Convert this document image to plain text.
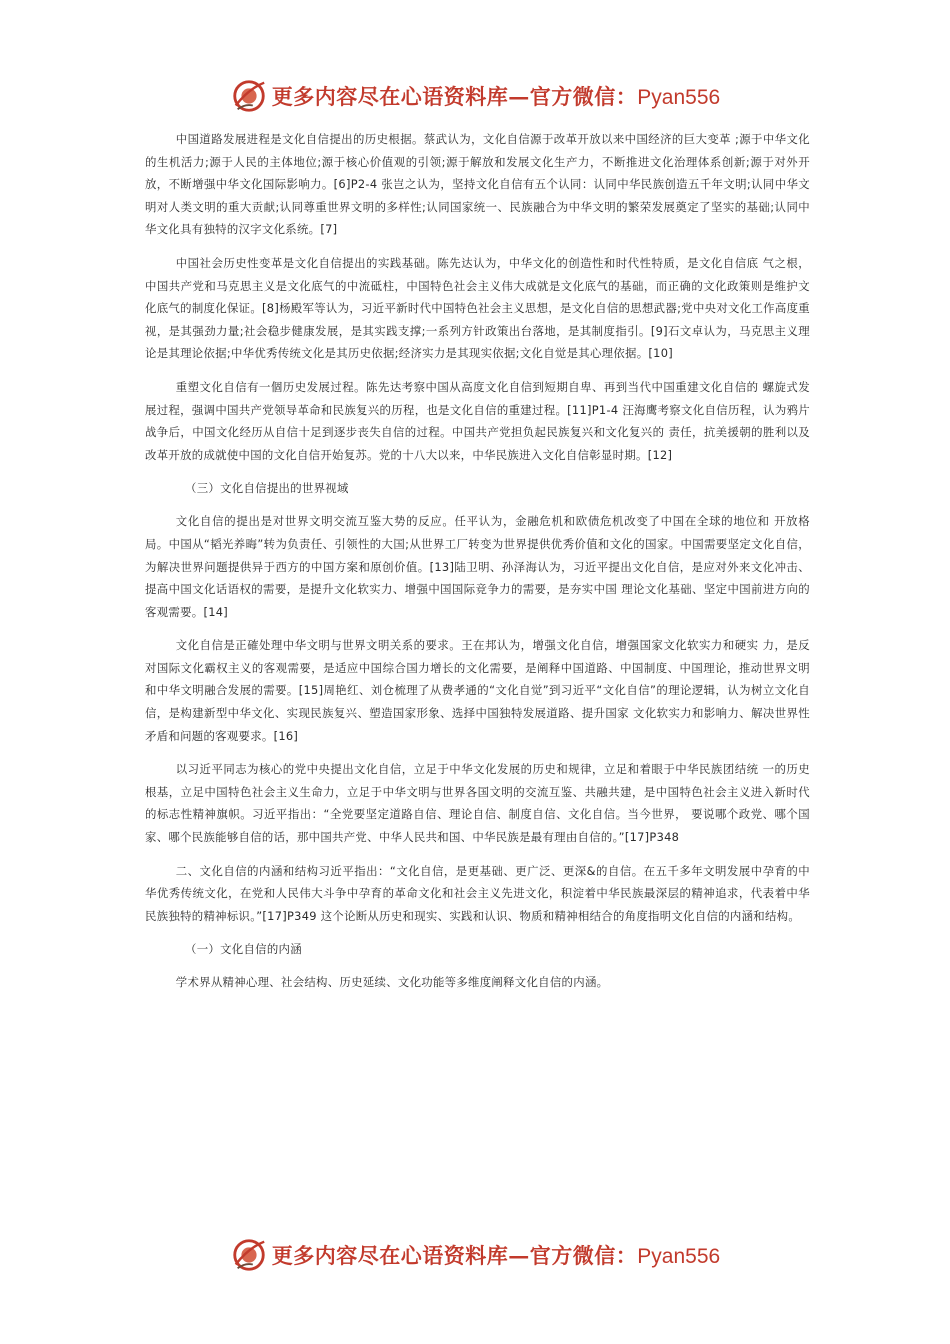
更多内容尽在心语资料库—官方微信：Pyan556

中国道路发展进程是文化自信提出的历史根据。蔡武认为，文化自信源于改革开放以来中国经济的巨大变革 ;源于中华文化的生机活力;源于人民的主体地位;源于核心价值观的引领;源于解放和发展文化生产力，不断推进文化治理体系创新;源于对外开放，不断增强中华文化国际影响力。[6]P2-4 张岂之认为，坚持文化自信有五个认同：认同中华民族创造五千年文明;认同中华文明对人类文明的重大贡献;认同尊重世界文明的多样性;认同国家统一、民族融合为中华文明的繁荣发展奠定了坚实的基础;认同中华文化具有独特的汉字文化系统。[7]

中国社会历史性变革是文化自信提出的实践基础。陈先达认为，中华文化的创造性和时代性特质，是文化自信底 气之根，中国共产党和马克思主义是文化底气的中流砥柱，中国特色社会主义伟大成就是文化底气的基础，而正确的文化政策则是维护文化底气的制度化保证。[8]杨殿军等认为，习近平新时代中国特色社会主义思想，是文化自信的思想武器;党中央对文化工作高度重视，是其强劲力量;社会稳步健康发展，是其实践支撑;一系列方针政策出台落地，是其制度指引。[9]石文卓认为，马克思主义理论是其理论依据;中华优秀传统文化是其历史依据;经济实力是其现实依据;文化自觉是其心理依据。[10]

重塑文化自信有一個历史发展过程。陈先达考察中国从高度文化自信到短期自卑、再到当代中国重建文化自信的 螺旋式发展过程，强调中国共产党领导革命和民族复兴的历程，也是文化自信的重建过程。[11]P1-4 汪海鹰考察文化自信历程，认为鸦片战争后，中国文化经历从自信十足到逐步丧失自信的过程。中国共产党担负起民族复兴和文化复兴的 责任，抗美援朝的胜利以及改革开放的成就使中国的文化自信开始复苏。党的十八大以来，中华民族进入文化自信彰显时期。[12]

（三）文化自信提出的世界视域

文化自信的提出是对世界文明交流互鉴大势的反应。任平认为，金融危机和欧债危机改变了中国在全球的地位和 开放格局。中国从“韬光养晦”转为负责任、引领性的大国;从世界工厂转变为世界提供优秀价值和文化的国家。中国需要坚定文化自信，为解决世界问题提供异于西方的中国方案和原创价值。[13]陆卫明、孙泽海认为，习近平提出文化自信，是应对外来文化冲击、提高中国文化话语权的需要，是提升文化软实力、增强中国国际竞争力的需要，是夯实中国 理论文化基础、坚定中国前进方向的客观需要。[14]

文化自信是正確处理中华文明与世界文明关系的要求。王在邦认为，增强文化自信，增强国家文化软实力和硬实 力，是反对国际文化霸权主义的客观需要，是适应中国综合国力增长的文化需要，是阐释中国道路、中国制度、中国理论，推动世界文明和中华文明融合发展的需要。[15]周艳红、刘仓梳理了从费孝通的“文化自觉”到习近平“文化自信”的理论逻辑，认为树立文化自信，是构建新型中华文化、实现民族复兴、塑造国家形象、选择中国独特发展道路、提升国家 文化软实力和影响力、解决世界性矛盾和问题的客观要求。[16]

以习近平同志为核心的党中央提出文化自信，立足于中华文化发展的历史和规律，立足和着眼于中华民族团结统 一的历史根基，立足中国特色社会主义生命力，立足于中华文明与世界各国文明的交流互鉴、共融共建，是中国特色社会主义进入新时代的标志性精神旗帜。习近平指出：“全党要坚定道路自信、理论自信、制度自信、文化自信。当今世界， 要说哪个政党、哪个国家、哪个民族能够自信的话，那中国共产党、中华人民共和国、中华民族是最有理由自信的。”[17]P348

二、文化自信的内涵和结构习近平指出：“文化自信，是更基础、更广泛、更深&的自信。在五千多年文明发展中孕育的中华优秀传统文化，在党和人民伟大斗争中孕育的革命文化和社会主义先进文化，积淀着中华民族最深层的精神追求，代表着中华民族独特的精神标识。”[17]P349 这个论断从历史和现实、实践和认识、物质和精神相结合的角度指明文化自信的内涵和结构。

（一）文化自信的内涵

学术界从精神心理、社会结构、历史延续、文化功能等多维度阐释文化自信的内涵。

更多内容尽在心语资料库—官方微信：Pyan556
